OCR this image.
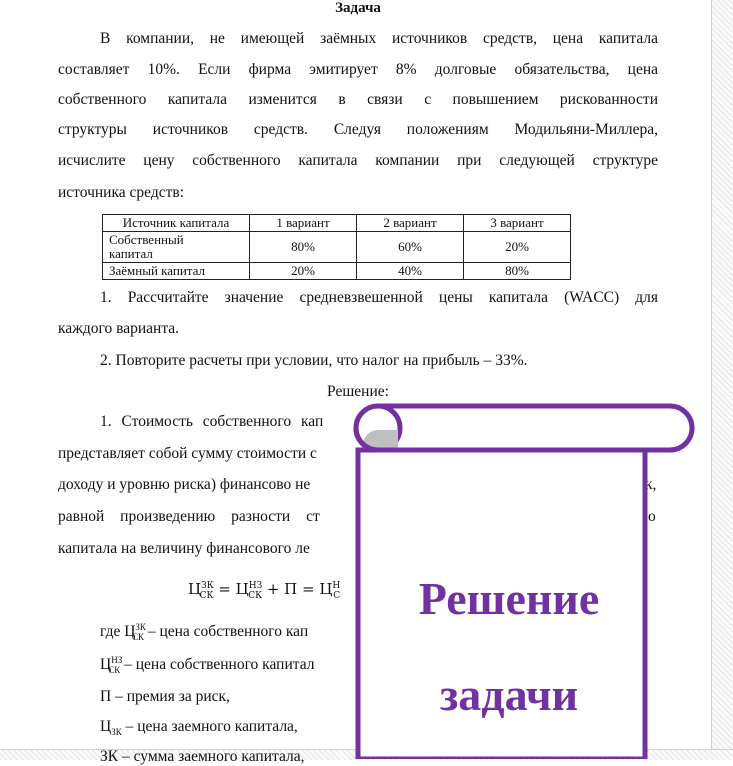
Задача
В компании, не имеющей заёмных источников средств, цена капитала
составляет 10%. Если фирма эмитирует 8% долговые обязательства, цена
собственного капитала изменится в связи с повышением рискованности
структуры источников средств. Следуя положениям Модильяни-Миллера,
исчислите цену собственного капитала компании при следующей структуре
источника средств:
Источник капитала	1 вариант	2 вариант	3 вариант
Собственный
капитал	80%	60%	20%
Заёмный капитал	20%	40%	80%
1. Рассчитайте значение средневзвешенной цены капитала (WACC) для
каждого варианта.
2. Повторите расчеты при условии, что налог на прибыль – 33%.
Решение:
1. Стоимость собственного кап
представляет собой сумму стоимости с
доходу и уровню риска) финансово не
равной произведению разности ст
капитала на величину финансового ле
к,
о
$Ц^{ЗК}_{СК} = Ц^{НЗ}_{СК} + П = Ц^Н_С$
где $Ц^{ЗК}_{СК}$ – цена собственного кап
$Ц^{НЗ}_{СК}$ – цена собственного капитал
П – премия за риск,
$Ц_{ЗК}$ – цена заемного капитала,
ЗК – сумма заемного капитала,
Решение
задачи
